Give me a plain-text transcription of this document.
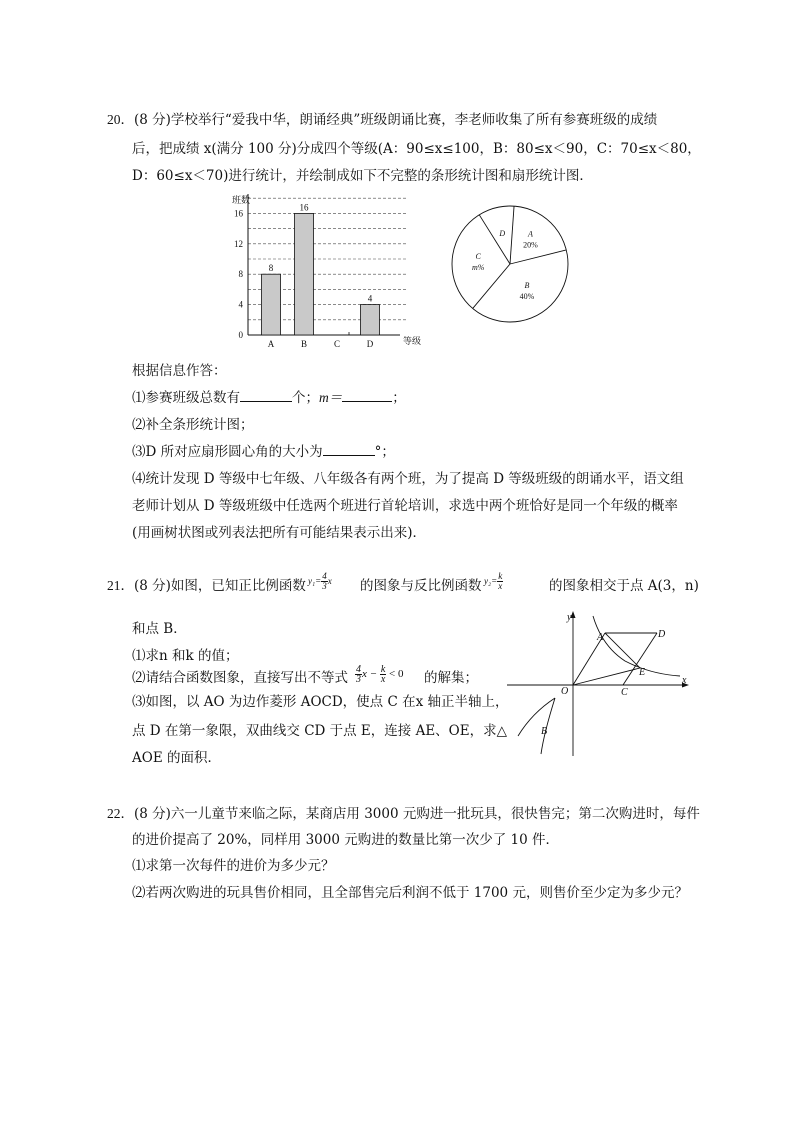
20．(8 分)学校举行“爱我中华，朗诵经典”班级朗诵比赛，李老师收集了所有参赛班级的成绩
后，把成绩 x(满分 100 分)分成四个等级(A：90≤x≤100，B：80≤x＜90，C：70≤x＜80，
D：60≤x＜70)进行统计，并绘制成如下不完整的条形统计图和扇形统计图．
班数
等级
4
8
12
16
A	B	C	D
8
16
4
0
A
20%
B
40%
C
m%
D
根据信息作答：
⑴参赛班级总数有	个；m＝	；
⑵补全条形统计图；
⑶D 所对应扇形圆心角的大小为	°；
⑷统计发现 D 等级中七年级、八年级各有两个班，为了提高 D 等级班级的朗诵水平，语文组
老师计划从 D 等级班级中任选两个班进行首轮培训，求选中两个班恰好是同一个年级的概率
(用画树状图或列表法把所有可能结果表示出来)．
21．(8 分)如图，已知正比例函数 $y_1= \frac{4}{3}$ x 的图象与反比例函数 $y_2= \frac{k}{x}$	的图象相交于点 A(3，n)
和点 B．
⑴求n 和k 的值；
⑵请结合函数图象，直接写出不等式 $\frac{4}{3}$ $x - \frac{k}{x} < 0$ 的解集；
⑶如图，以 AO 为边作菱形 AOCD，使点 C 在x 轴正半轴上，
点 D 在第一象限，双曲线交 CD 于点 E，连接 AE、OE，求△
AOE 的面积．
y
x
O
A	D
E
C
B
22．(8 分)六一儿童节来临之际，某商店用 3000 元购进一批玩具，很快售完；第二次购进时，每件
的进价提高了 20%，同样用 3000 元购进的数量比第一次少了 10 件．
⑴求第一次每件的进价为多少元？
⑵若两次购进的玩具售价相同，且全部售完后利润不低于 1700 元，则售价至少定为多少元？
